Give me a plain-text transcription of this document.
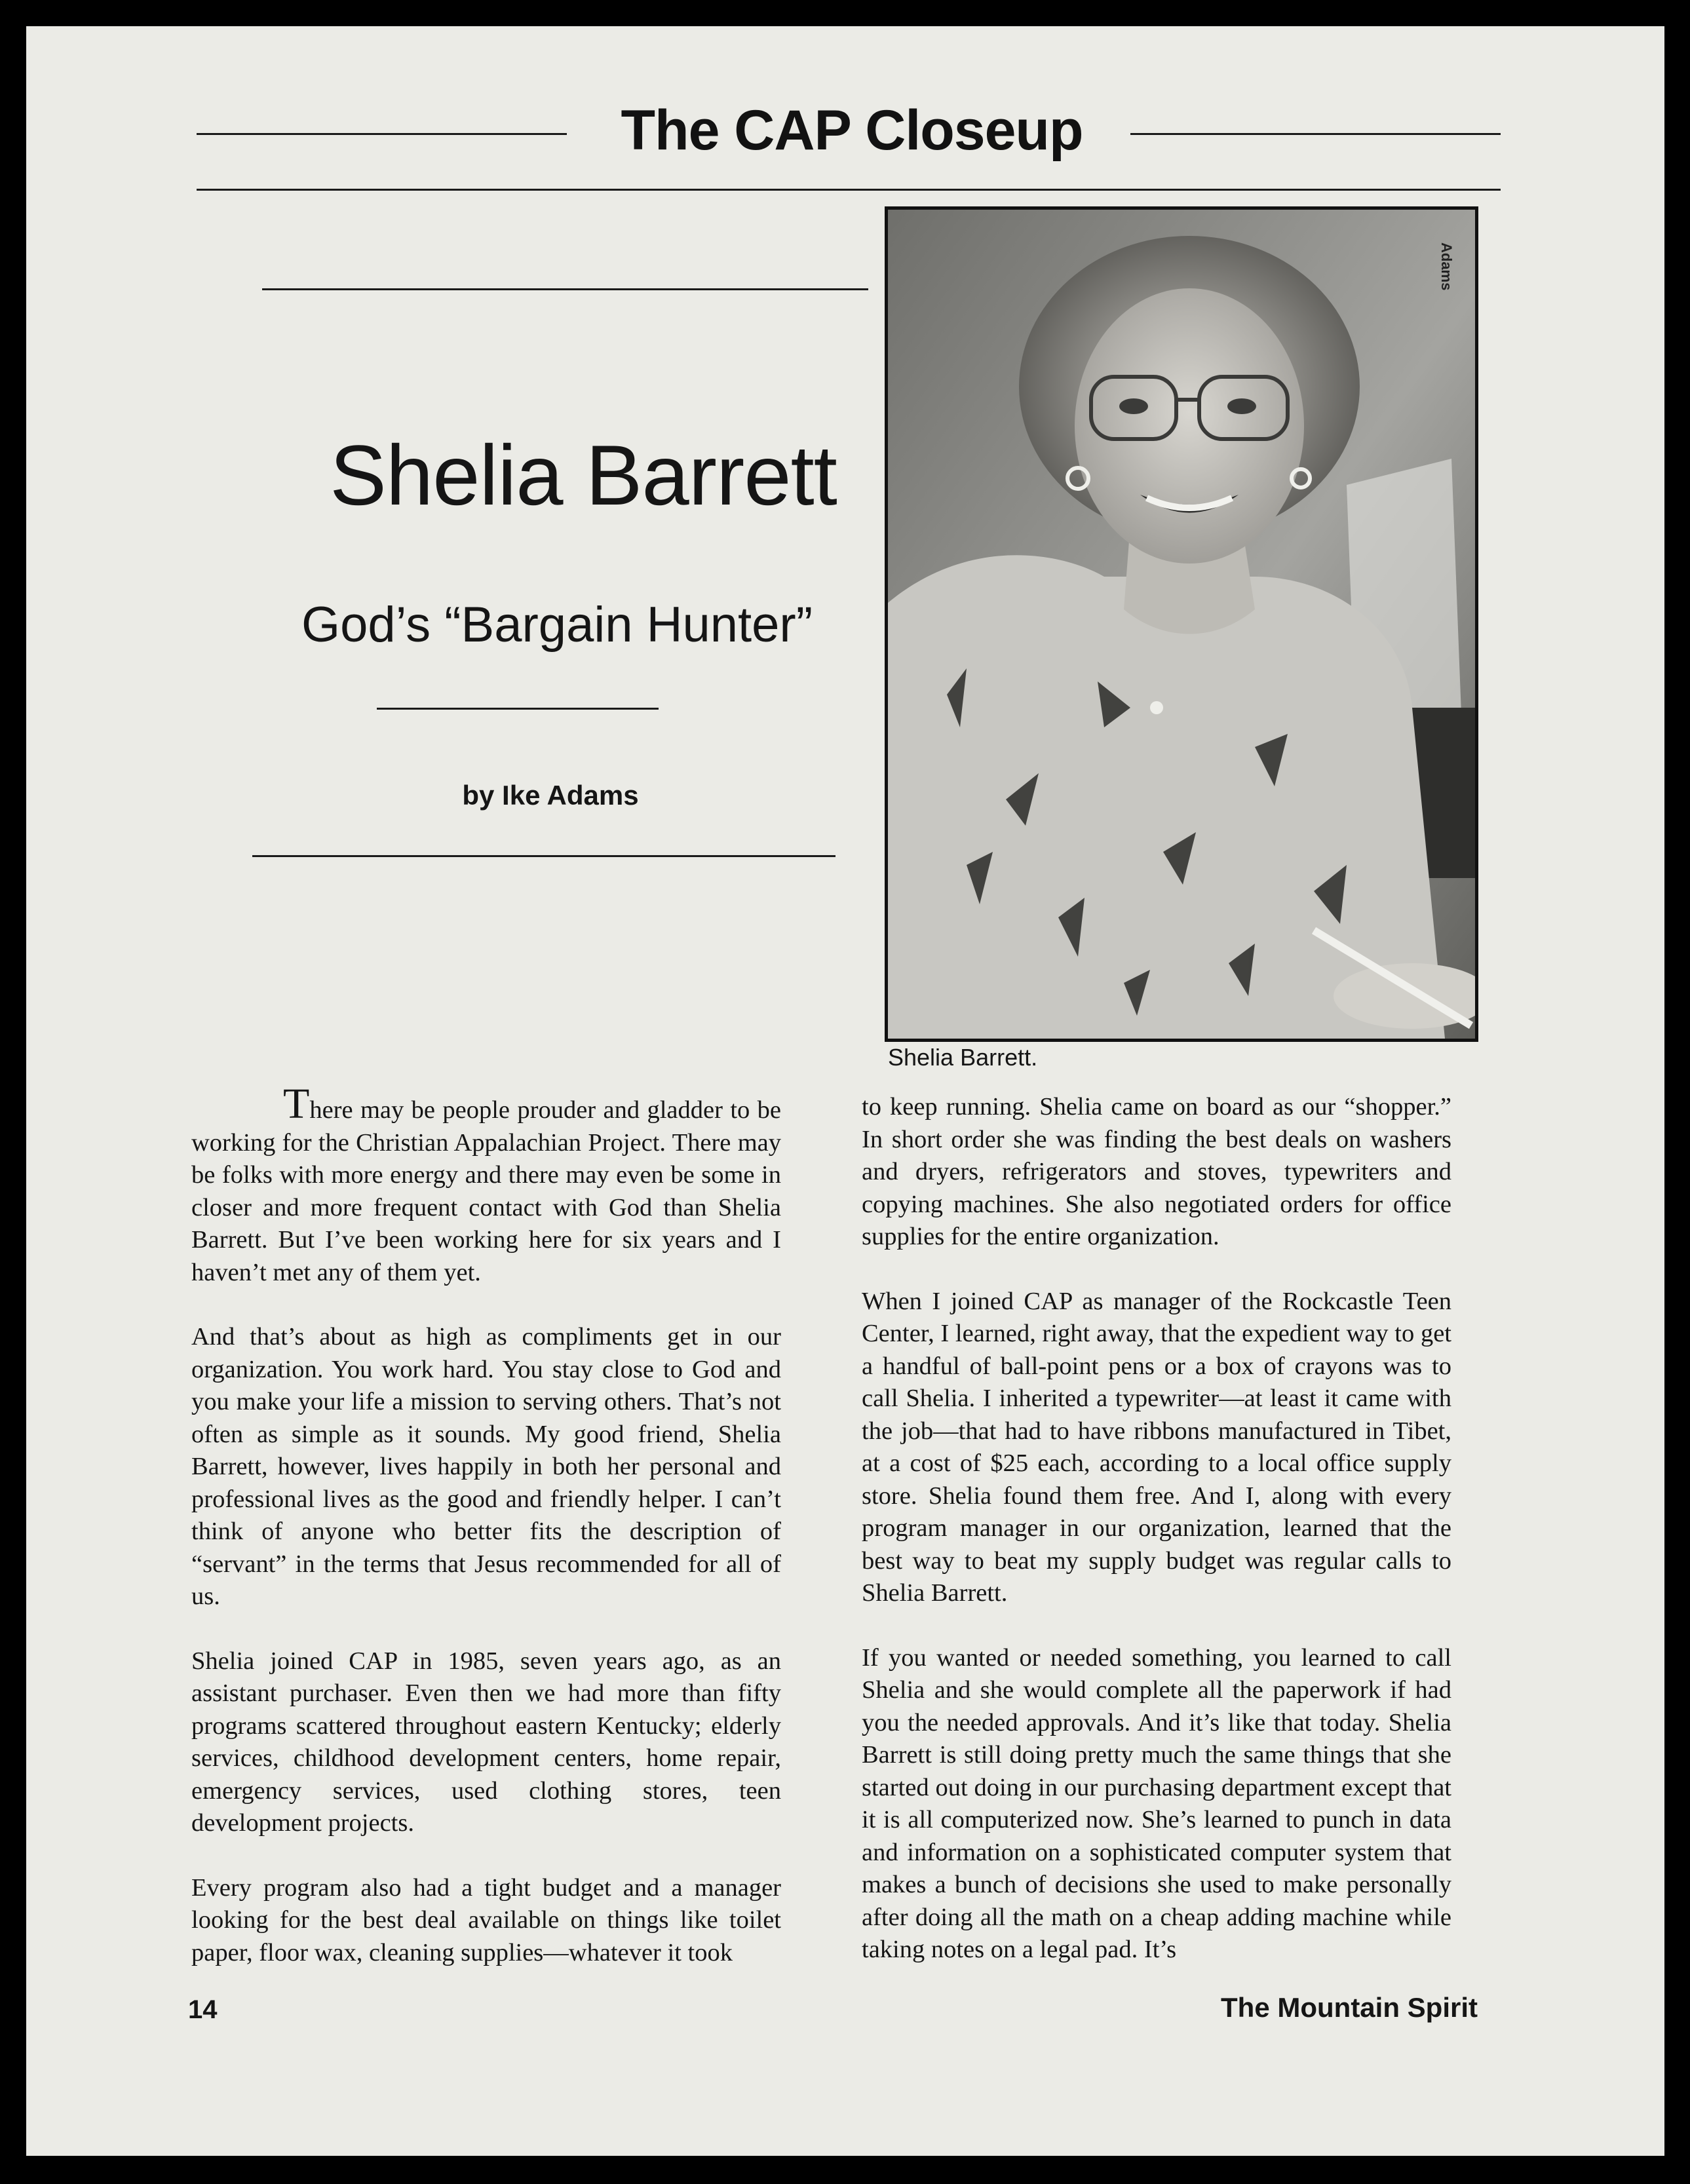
The CAP Closeup
Shelia Barrett
God’s “Bargain Hunter”
by Ike Adams
Adams
Shelia Barrett.

There may be people prouder and gladder to be working for the Christian Appalachian Project. There may be folks with more energy and there may even be some in closer and more frequent contact with God than Shelia Barrett. But I’ve been working here for six years and I haven’t met any of them yet.

And that’s about as high as compliments get in our organization. You work hard. You stay close to God and you make your life a mission to serving others. That’s not often as simple as it sounds. My good friend, Shelia Barrett, however, lives happily in both her personal and professional lives as the good and friendly helper. I can’t think of anyone who better fits the description of “servant” in the terms that Jesus recommended for all of us.

Shelia joined CAP in 1985, seven years ago, as an assistant purchaser. Even then we had more than fifty programs scattered throughout eastern Kentucky; elderly services, childhood development centers, home repair, emergency services, used clothing stores, teen development projects.

Every program also had a tight budget and a manager looking for the best deal available on things like toilet paper, floor wax, cleaning supplies—whatever it took

to keep running. Shelia came on board as our “shopper.” In short order she was finding the best deals on washers and dryers, refrigerators and stoves, typewriters and copying machines. She also negotiated orders for office supplies for the entire organization.

When I joined CAP as manager of the Rockcastle Teen Center, I learned, right away, that the expedient way to get a handful of ball-point pens or a box of crayons was to call Shelia. I inherited a typewriter—at least it came with the job—that had to have ribbons manufactured in Tibet, at a cost of $25 each, according to a local office supply store. Shelia found them free. And I, along with every program manager in our organization, learned that the best way to beat my supply budget was regular calls to Shelia Barrett.

If you wanted or needed something, you learned to call Shelia and she would complete all the paperwork if had you the needed approvals. And it’s like that today. Shelia Barrett is still doing pretty much the same things that she started out doing in our purchasing department except that it is all computerized now. She’s learned to punch in data and information on a sophisticated computer system that makes a bunch of decisions she used to make personally after doing all the math on a cheap adding machine while taking notes on a legal pad. It’s

14	The Mountain Spirit
